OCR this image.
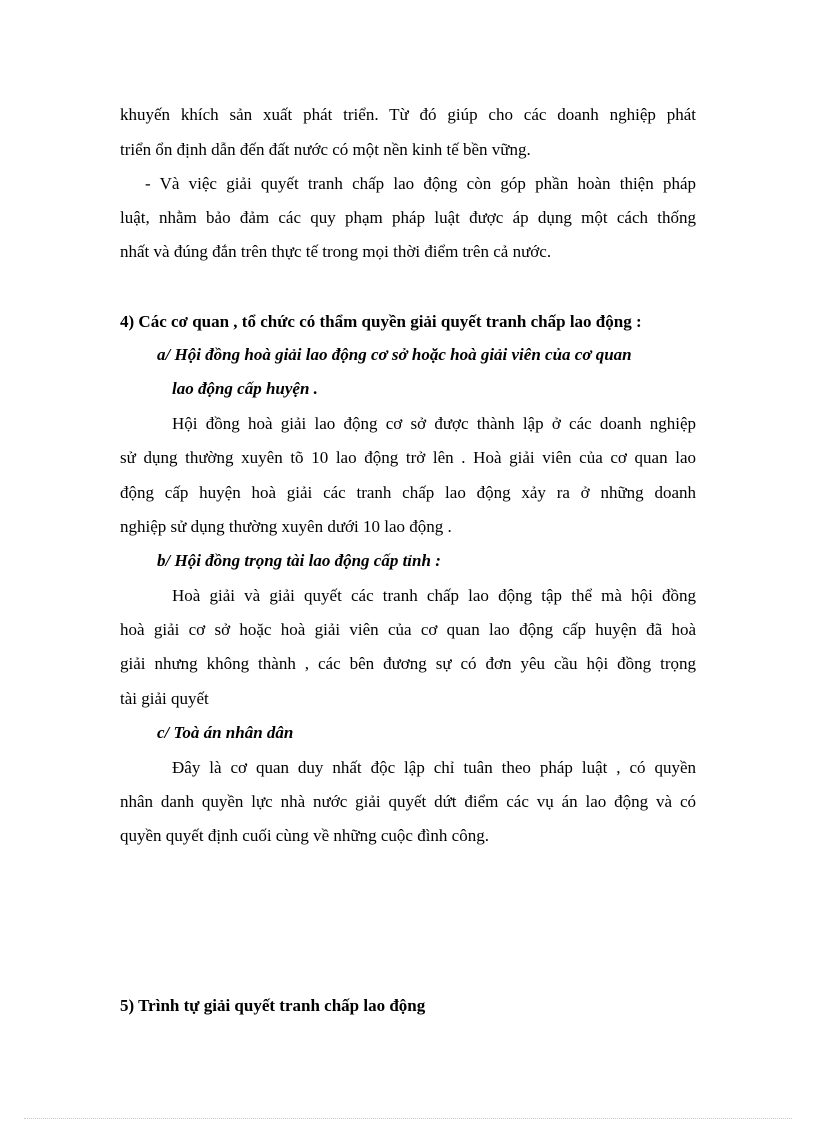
khuyến khích sản xuất phát triển. Từ đó giúp cho các doanh nghiệp phát
triển ổn định dẫn đến đất nước có một nền kinh tế bền vững.
- Và việc giải quyết tranh chấp lao động còn góp phần hoàn thiện pháp
luật, nhằm bảo đảm các quy phạm pháp luật được áp dụng một cách thống
nhất và đúng đắn trên thực tế trong mọi thời điểm trên cả nước.
4) Các cơ quan , tổ chức có thẩm quyền giải quyết tranh chấp lao động :
a/ Hội đồng hoà giải lao động cơ sở hoặc hoà giải viên của cơ quan
lao động cấp huyện .
Hội đồng hoà giải lao động cơ sở được thành lập ở các doanh nghiệp
sử dụng thường xuyên tõ 10 lao động trở lên . Hoà giải viên của cơ quan lao
động cấp huyện hoà giải các tranh chấp lao động xảy ra ở những doanh
nghiệp sử dụng thường xuyên dưới 10 lao động .
b/ Hội đồng trọng tài lao động cấp tỉnh :
Hoà giải và giải quyết các tranh chấp lao động tập thể mà hội đồng
hoà giải cơ sở hoặc hoà giải viên của cơ quan lao động cấp huyện đã hoà
giải nhưng không thành , các bên đương sự có đơn yêu cầu hội đồng trọng
tài giải quyết
c/ Toà án nhân dân
Đây là cơ quan duy nhất độc lập chỉ tuân theo pháp luật , có quyền
nhân danh quyền lực nhà nước giải quyết dứt điểm các vụ án lao động và có
quyền quyết định cuối cùng về những cuộc đình công.
5) Trình tự giải quyết tranh chấp lao động
